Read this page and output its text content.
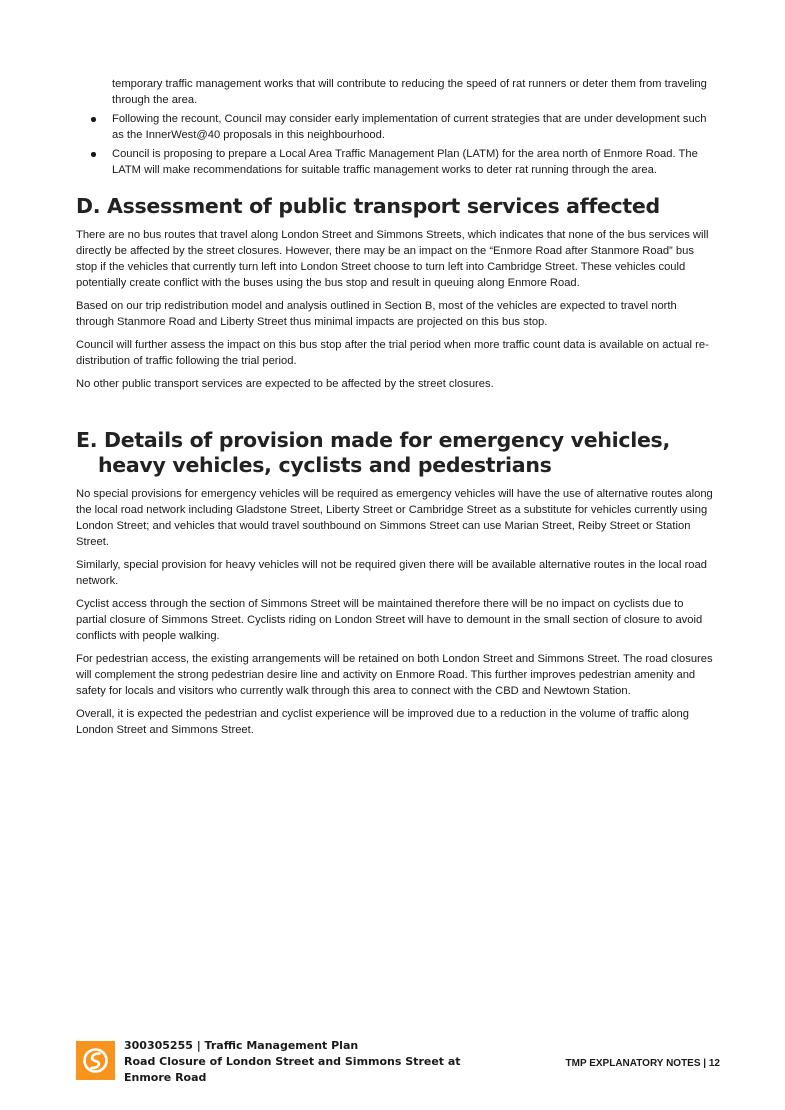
temporary traffic management works that will contribute to reducing the speed of rat runners or deter them from traveling through the area.
Following the recount, Council may consider early implementation of current strategies that are under development such as the InnerWest@40 proposals in this neighbourhood.
Council is proposing to prepare a Local Area Traffic Management Plan (LATM) for the area north of Enmore Road. The LATM will make recommendations for suitable traffic management works to deter rat running through the area.
D. Assessment of public transport services affected

There are no bus routes that travel along London Street and Simmons Streets, which indicates that none of the bus services will directly be affected by the street closures. However, there may be an impact on the “Enmore Road after Stanmore Road” bus stop if the vehicles that currently turn left into London Street choose to turn left into Cambridge Street. These vehicles could potentially create conflict with the buses using the bus stop and result in queuing along Enmore Road.

Based on our trip redistribution model and analysis outlined in Section B, most of the vehicles are expected to travel north through Stanmore Road and Liberty Street thus minimal impacts are projected on this bus stop.

Council will further assess the impact on this bus stop after the trial period when more traffic count data is available on actual re-distribution of traffic following the trial period.

No other public transport services are expected to be affected by the street closures.

E. Details of provision made for emergency vehicles, heavy vehicles, cyclists and pedestrians

No special provisions for emergency vehicles will be required as emergency vehicles will have the use of alternative routes along the local road network including Gladstone Street, Liberty Street or Cambridge Street as a substitute for vehicles currently using London Street; and vehicles that would travel southbound on Simmons Street can use Marian Street, Reiby Street or Station Street.

Similarly, special provision for heavy vehicles will not be required given there will be available alternative routes in the local road network.

Cyclist access through the section of Simmons Street will be maintained therefore there will be no impact on cyclists due to partial closure of Simmons Street. Cyclists riding on London Street will have to demount in the small section of closure to avoid conflicts with people walking.

For pedestrian access, the existing arrangements will be retained on both London Street and Simmons Street. The road closures will complement the strong pedestrian desire line and activity on Enmore Road. This further improves pedestrian amenity and safety for locals and visitors who currently walk through this area to connect with the CBD and Newtown Station.

Overall, it is expected the pedestrian and cyclist experience will be improved due to a reduction in the volume of traffic along London Street and Simmons Street.

300305255 | Traffic Management Plan
Road Closure of London Street and Simmons Street at
Enmore Road
TMP EXPLANATORY NOTES | 12
